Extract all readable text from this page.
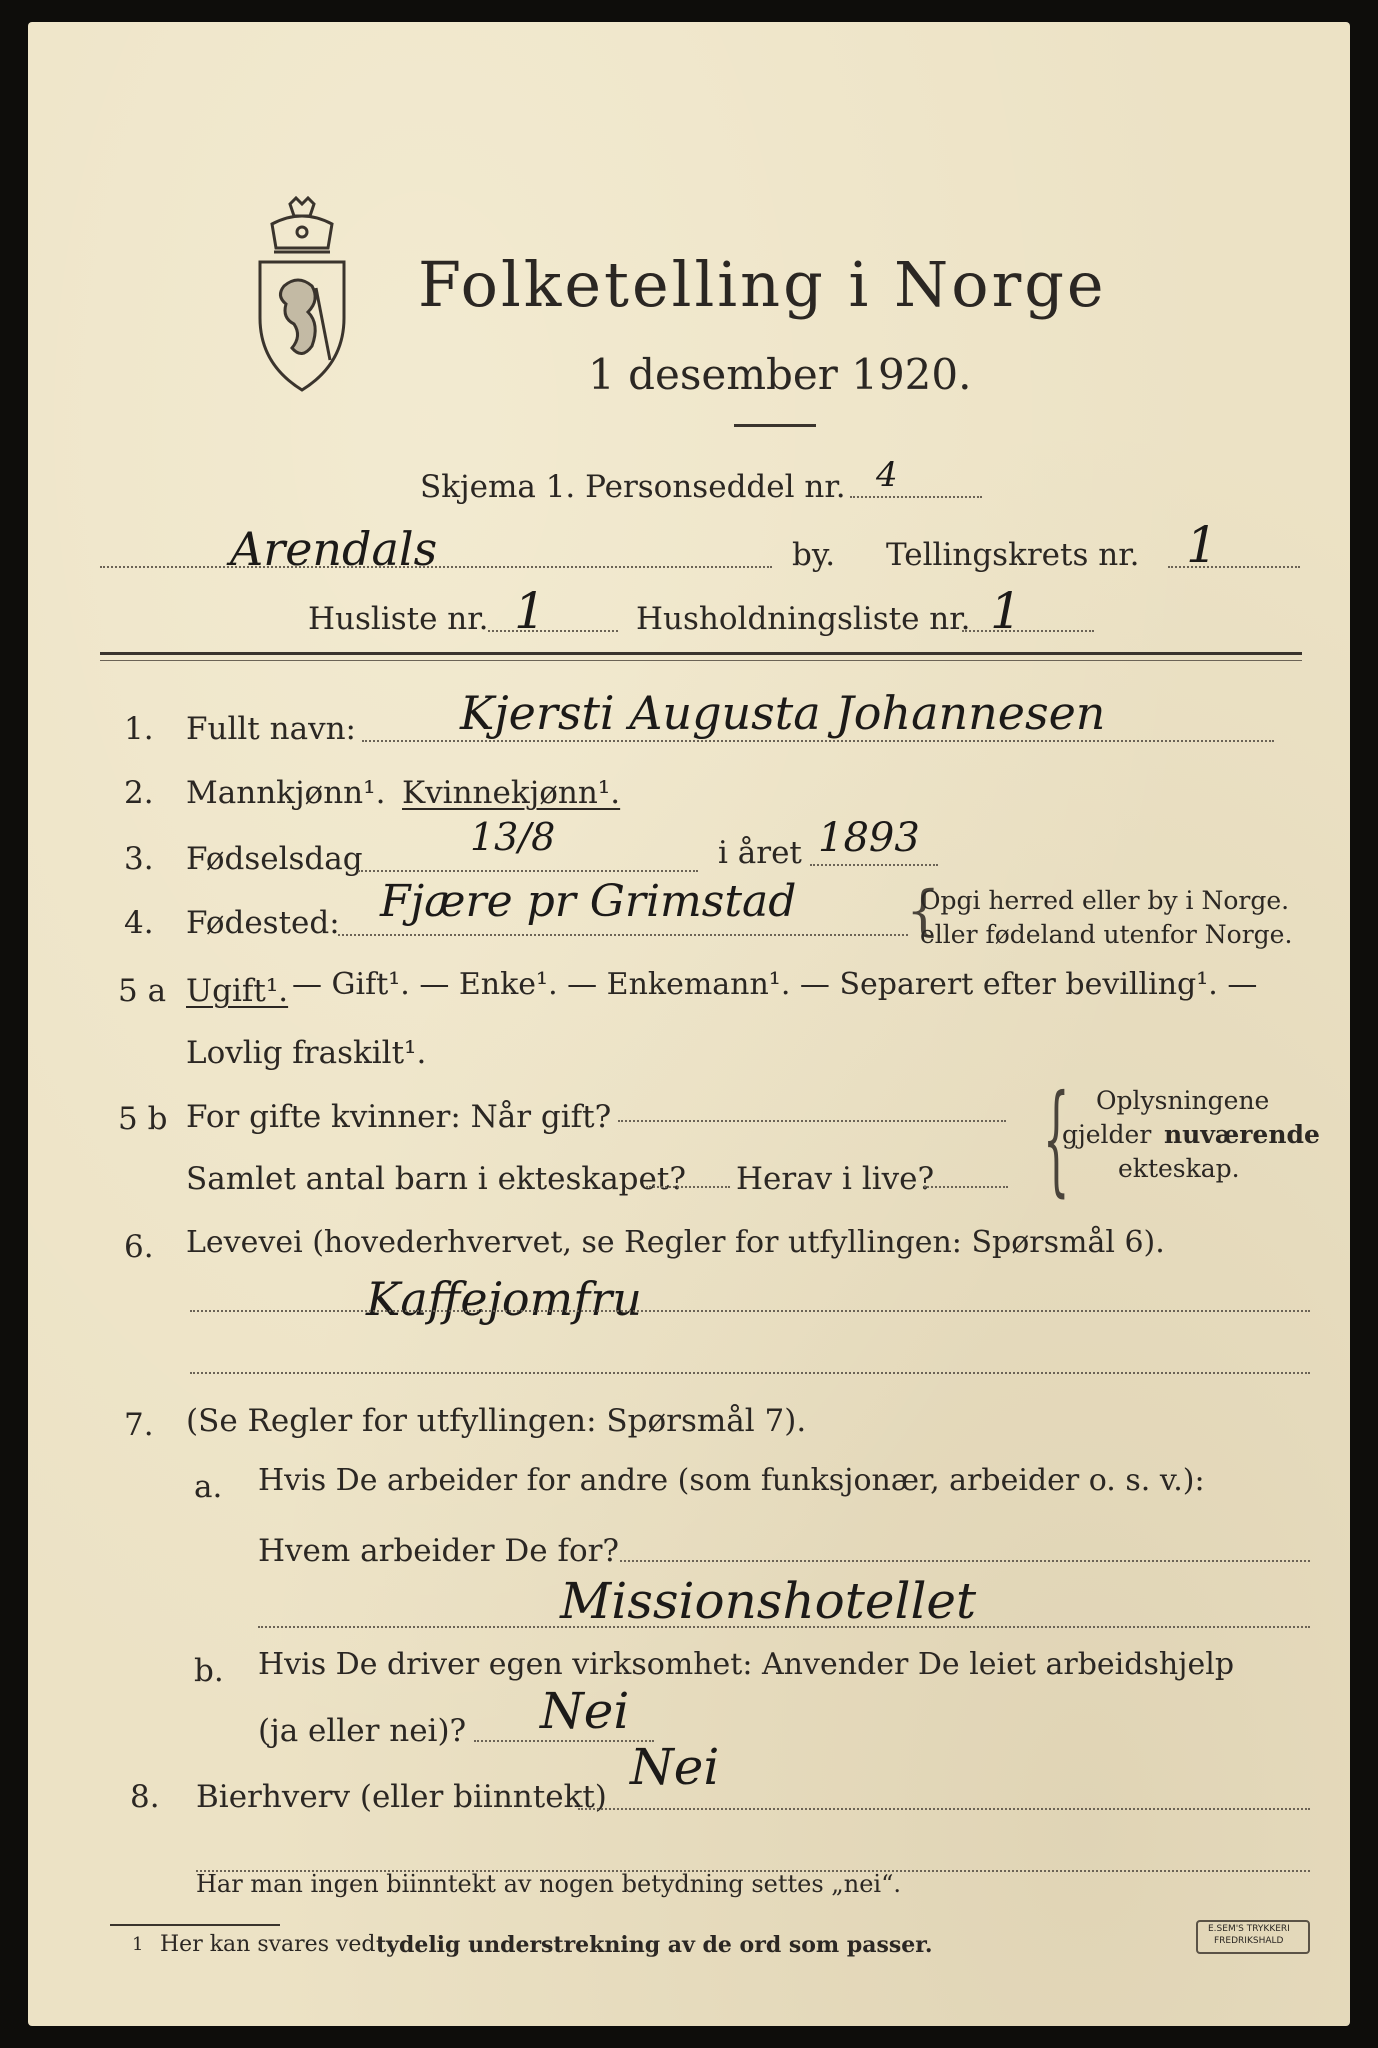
Folketelling i Norge
1 desember 1920.
Skjema 1. Personseddel nr. 4
Arendals	by. Tellingskrets nr. 1
Husliste nr. 1	Husholdningsliste nr. 1
1. Fullt navn: Kjersti Augusta Johannesen
2. Mannkjønn¹. Kvinnekjønn¹.
3. Fødselsdag	13/8	i året 1893
4. Fødested: Fjære pr Grimstad {
Opgi herred eller by i Norge.
eller fødeland utenfor Norge.
5 a Ugift¹. — Gift¹. — Enke¹. — Enkemann¹. — Separert efter bevilling¹. —
Lovlig fraskilt¹.
5 b For gifte kvinner: Når gift?
Samlet antal barn i ekteskapet? Herav i live? { Oplysningene
gjelder nuværende
ekteskap.
6. Levevei (hovederhvervet, se Regler for utfyllingen: Spørsmål 6).
Kaffejomfru
7. (Se Regler for utfyllingen: Spørsmål 7).
a. Hvis De arbeider for andre (som funksjonær, arbeider o. s. v.):
Hvem arbeider De for?
Missionshotellet
b. Hvis De driver egen virksomhet: Anvender De leiet arbeidshjelp
(ja eller nei)? Nei
8. Bierhverv (eller biinntekt)
Nei
Har man ingen biinntekt av nogen betydning settes „nei“.
1 Her kan svares ved tydelig understrekning av de ord som passer.
E.SEM'S TRYKKERI
FREDRIKSHALD
